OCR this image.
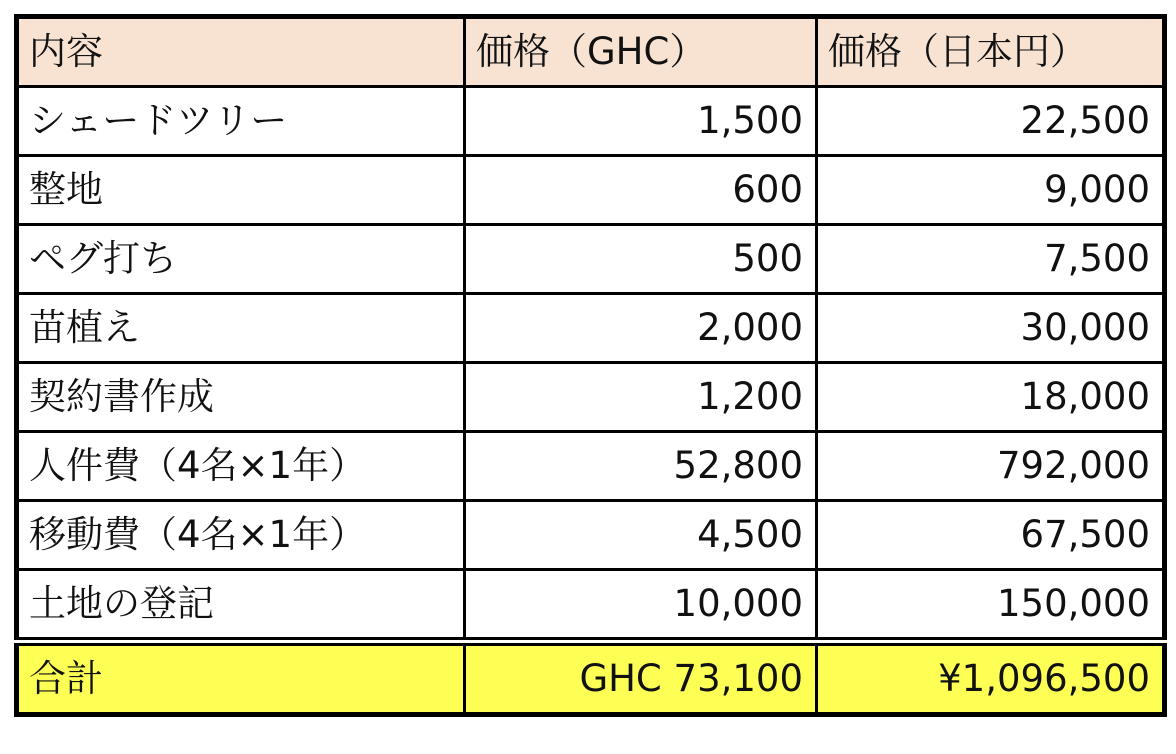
内容	価格（GHC）	価格（日本円）
シェードツリー	1,500	22,500
整地	600	9,000
ペグ打ち	500	7,500
苗植え	2,000	30,000
契約書作成	1,200	18,000
人件費（4名×1年）	52,800	792,000
移動費（4名×1年）	4,500	67,500
土地の登記	10,000	150,000
合計	GHC 73,100	¥1,096,500
